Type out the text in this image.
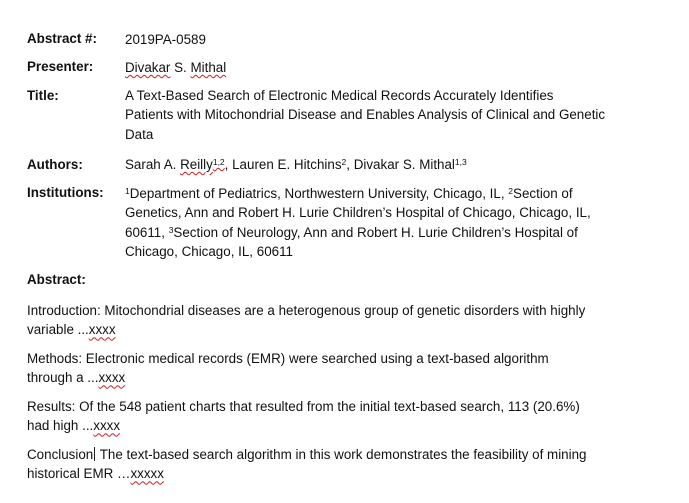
Abstract #: 2019PA-0589
Presenter: Divakar S. Mithal
Title:	A Text-Based Search of Electronic Medical Records Accurately Identifies
Patients with Mitochondrial Disease and Enables Analysis of Clinical and Genetic
Data
Authors:	Sarah A. Reilly$^{1,2}$, Lauren E. Hitchins$^2$, Divakar S. Mithal$^{1,3}$
Institutions:	$^1$Department of Pediatrics, Northwestern University, Chicago, IL, $^2$Section of
Genetics, Ann and Robert H. Lurie Children’s Hospital of Chicago, Chicago, IL,
60611, $^3$Section of Neurology, Ann and Robert H. Lurie Children’s Hospital of
Chicago, Chicago, IL, 60611
Abstract:
Introduction: Mitochondrial diseases are a heterogenous group of genetic disorders with highly
variable ...xxxx
Methods: Electronic medical records (EMR) were searched using a text-based algorithm
through a ...xxxx
Results: Of the 548 patient charts that resulted from the initial text-based search, 113 (20.6%)
had high ...xxxx
Conclusion The text-based search algorithm in this work demonstrates the feasibility of mining
historical EMR …xxxxx
